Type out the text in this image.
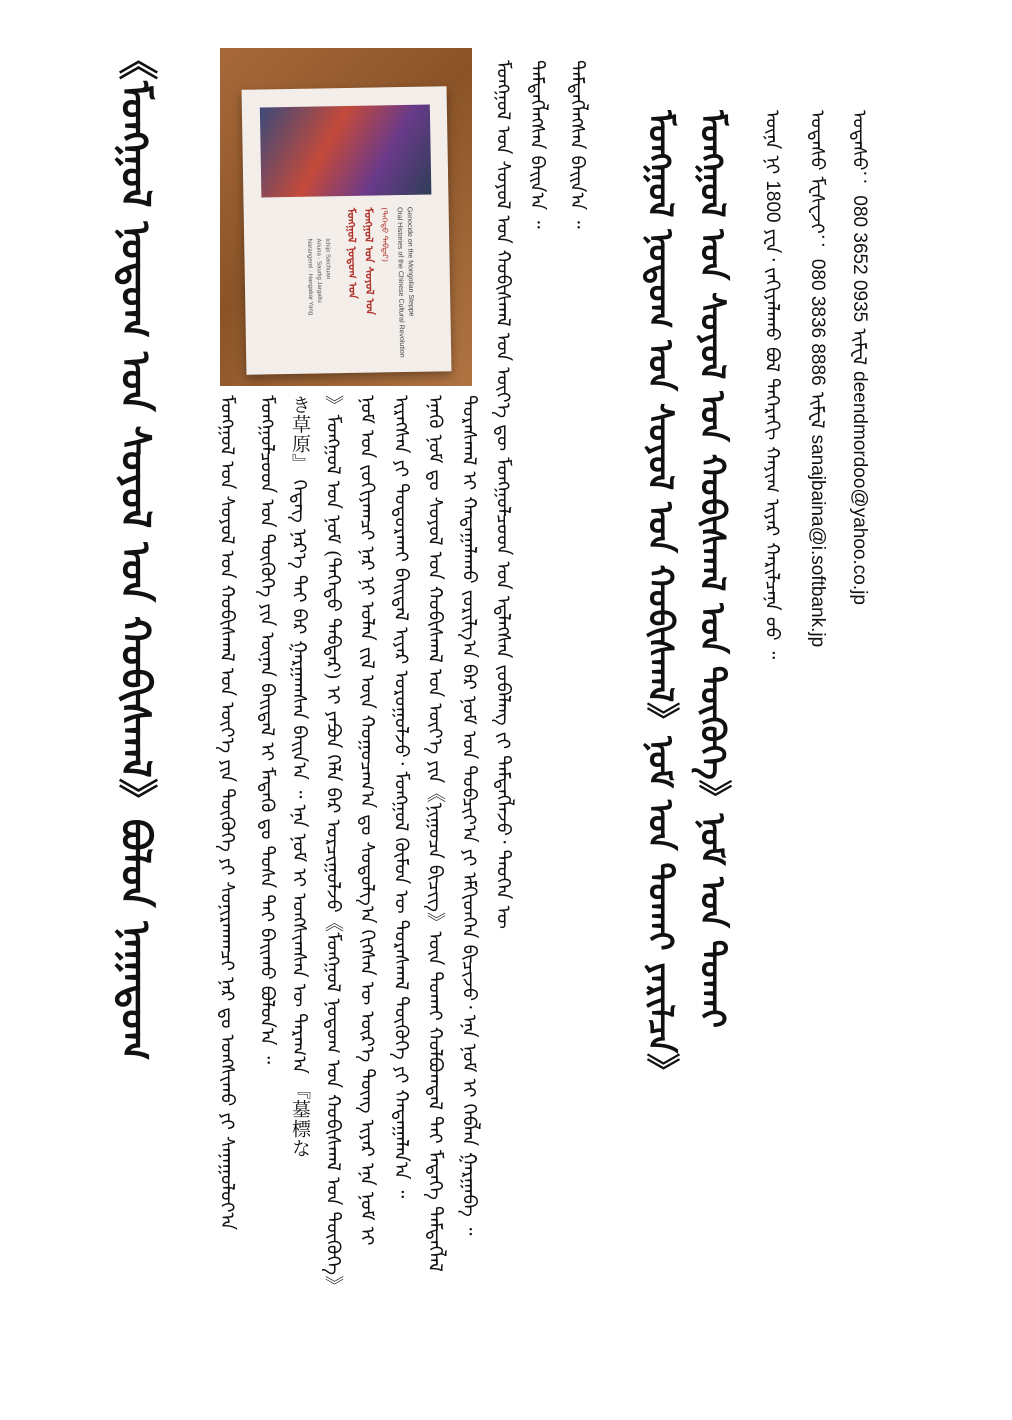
《ᠮᠣᠩᠭᠣᠯ ᠨᠤᠲᠤᠭ ᠤᠨ ᠰᠣᠶᠣᠯ ᠤᠨ ᠬᠤᠪᠢᠰᠬᠠᠯ》ᠪᠣᠯᠤᠨ ᠨᠠᠭᠠᠳᠤᠭ	Oral Histories of the Chinese Cultural Revolution
Genocide on the Mongolian Steppe
(ᠳᠡᠭᠡᠳᠦ ᠳᠡᠪᠲᠡᠷ)
ᠮᠣᠩᠭᠣᠯ ᠤᠨ ᠰᠣᠶᠣᠯ ᠤᠨ
ᠮᠣᠩᠭᠣᠯ ᠨᠤᠲᠤᠭ ᠤᠨ
Narangerel · Hangabar Yang Ariuna · Saurlig Jargaltu Ichijo Saichuan
ᠮᠣᠩᠭᠣᠯ ᠤᠨ ᠰᠣᠶᠣᠯ ᠤᠨ ᠬᠤᠪᠢᠰᠬᠠᠯ ᠤᠨ ᠦᠶ᠎ᠡ ᠶᠢᠨ ᠲᠦᠭᠦᠬᠡ ᠶᠢ ᠰᠣᠨᠢᠷᠬᠠᠭᠴᠢ ᠨᠠᠷ ᠳᠤ ᠤᠩᠰᠢᠬᠤ ᠶᠢ ᠰᠠᠨᠠᠭᠤᠯᠤᠶ᠎ᠠ ᠮᠣᠩᠭᠣᠯᠴᠤᠳ ᠤᠨ ᠲᠦᠭᠦᠬᠡ ᠶᠢᠨ ᠦᠨᠡᠨ ᠪᠠᠢᠳᠠᠯ ᠢ ᠮᠡᠳᠡᠬᠦ ᠳᠤ ᠲᠤᠰᠠ ᠲᠠᠢ ᠪᠠᠢᠬᠤ ᠪᠣᠯᠤᠨ᠎ᠠ ᠃ き草原』 ᠭᠡᠳᠡᠭ ᠨᠡᠷ᠎ᠡ ᠲᠠᠢ ᠪᠠᠷ ᠭᠠᠷᠭᠠᠭᠰᠠᠨ ᠪᠠᠢᠨ᠎ᠠ ᠃ ᠡᠨᠡ ᠨᠣᠮ ᠢ ᠤᠩᠰᠢᠭᠰᠠᠨ ᠦ ᠳᠠᠷᠠᠭ᠎ᠠ 『墓標な 》ᠮᠣᠩᠭᠣᠯ ᠤᠨ ᠨᠣᠮ (ᠳᠡᠭᠡᠳᠦ ᠳᠡᠪᠲᠡᠷ) ᠢ ᠶᠠᠫᠣᠨ ᠬᠡᠯᠡ ᠪᠡᠷ ᠣᠷᠴᠢᠭᠤᠯᠵᠤ《ᠮᠣᠩᠭᠣᠯ ᠨᠤᠲᠤᠭ ᠤᠨ ᠬᠤᠪᠢᠰᠬᠠᠯ ᠤᠨ ᠲᠦᠭᠦᠬᠡ》 ᠨᠣᠮ ᠤᠨ ᠵᠣᠬᠢᠶᠠᠭᠴᠢ ᠨᠠᠷ ᠨᠢ ᠣᠯᠠᠨ ᠵᠢᠯ ᠦᠨ ᠬᠤᠭᠤᠴᠠᠭ᠎ᠠ ᠳᠤ ᠰᠤᠳᠤᠯᠭ᠎ᠠ ᠬᠢᠭᠰᠡᠨ ᠦ ᠦᠷ᠎ᠡ ᠳᠦᠩ ᠢᠶᠠᠷ ᠡᠨᠡ ᠨᠣᠮ ᠢ ᠢᠷᠡᠭᠰᠡᠨ ᠶᠢ ᠲᠣᠳᠣᠷᠬᠠᠢ ᠪᠠᠢᠳᠠᠯ ᠢᠶᠠᠷ ᠣᠷᠣᠭᠤᠯᠵᠤ᠂ ᠮᠣᠩᠭᠣᠯ ᠬᠦᠮᠦᠨ ᠦ ᠳᠤᠷᠠᠰᠬᠠᠯ ᠲᠦᠭᠦᠬᠡ ᠶᠢ ᠬᠠᠳᠠᠭᠠᠯᠠᠨ᠎ᠠ ᠃ ᠡᠨᠡᠬᠦ ᠨᠣᠮ ᠳᠤ ᠰᠣᠶᠣᠯ ᠤᠨ ᠬᠤᠪᠢᠰᠬᠠᠯ ᠤᠨ ᠦᠶ᠎ᠡ ᠶᠢᠨ《ᠨᠢᠭᠤᠴᠠ ᠪᠢᠴᠢᠭ》ᠦᠨ ᠲᠤᠬᠠᠢ ᠬᠣᠯᠪᠣᠭᠳᠠᠯ ᠲᠠᠢ ᠮᠡᠳᠡᠭᠡ ᠲᠡᠮᠳᠡᠭᠯᠡᠯ ᠳᠤᠷᠠᠰᠬᠠᠯ ᠢ ᠬᠠᠳᠠᠭᠠᠯᠠᠬᠤ ᠵᠣᠷᠢᠯᠭ᠎ᠠ ᠪᠠᠷ ᠨᠣᠮ ᠤᠨ ᠲᠣᠪᠴᠢᠶ᠎ᠠ ᠶᠢ ᠡᠮᠬᠢᠳᠬᠡᠨ ᠪᠢᠴᠢᠵᠦ᠂ ᠡᠨᠡ ᠨᠣᠮ ᠢ ᠬᠡᠪᠯᠡᠨ ᠭᠠᠷᠭᠠᠪᠠ ᠃ ᠮᠣᠩᠭᠣᠯ ᠤᠨ ᠰᠣᠶᠣᠯ ᠤᠨ ᠬᠤᠪᠢᠰᠬᠠᠯ ᠤᠨ ᠦᠶ᠎ᠡ ᠳᠦ ᠮᠣᠩᠭᠣᠯᠴᠤᠳ ᠤᠨ ᠡᠳ᠋ᠯᠡᠭᠰᠡᠨ ᠵᠣᠪᠠᠯᠠᠩ ᠵᠢ ᠲᠡᠮᠳᠡᠭᠯᠡᠵᠦ᠂ ᠲᠡᠦᠬᠡᠨ ᠦ ᠲᠡᠮᠳᠡᠭᠯᠡᠭᠰᠡᠨ ᠪᠠᠢᠨ᠎ᠠ ᠃ ᠲᠡᠮᠳᠡᠭᠯᠡᠭᠰᠡᠨ ᠪᠠᠢᠨ᠎ᠠ ᠃ ᠮᠣᠩᠭᠣᠯ ᠨᠤᠲᠤᠭ ᠤᠨ ᠰᠣᠶᠣᠯ ᠤᠨ ᠬᠤᠪᠢᠰᠬᠠᠯ》ᠨᠣᠮ ᠤᠨ ᠲᠤᠬᠠᠢ ᠶᠠᠷᠢᠯᠴᠠ》 ᠮᠣᠩᠭᠣᠯ ᠤᠨ ᠰᠣᠶᠣᠯ ᠤᠨ ᠬᠤᠪᠢᠰᠬᠠᠯ ᠤᠨ ᠲᠦᠭᠦᠬᠡ》ᠨᠣᠮ ᠤᠨ ᠲᠤᠬᠠᠢ	ᠦᠨᠡ ᠨᠢ 1800 ᠶᠧᠨ᠂ ᠵᠠᠬᠢᠶᠠᠯᠠᠬᠤ ᠪᠣᠯ ᠳᠡᠭᠡᠷᠡᠬᠢ ᠬᠠᠶᠢᠭ ᠢᠶᠠᠷ ᠬᠠᠷᠢᠯᠴᠠᠨᠠ ᠤᠤ ᠃
ᠤᠲᠠᠰᠤ ᠮᠧᠰᠧᠵᠢ： 080 3836 8886 ᠢᠮᠧᠯ sanajbaina@i.softbank.jp
ᠤᠲᠠᠰᠤ： 080 3652 0935 ᠢᠮᠧᠯ deendmordoo@yahoo.co.jp
